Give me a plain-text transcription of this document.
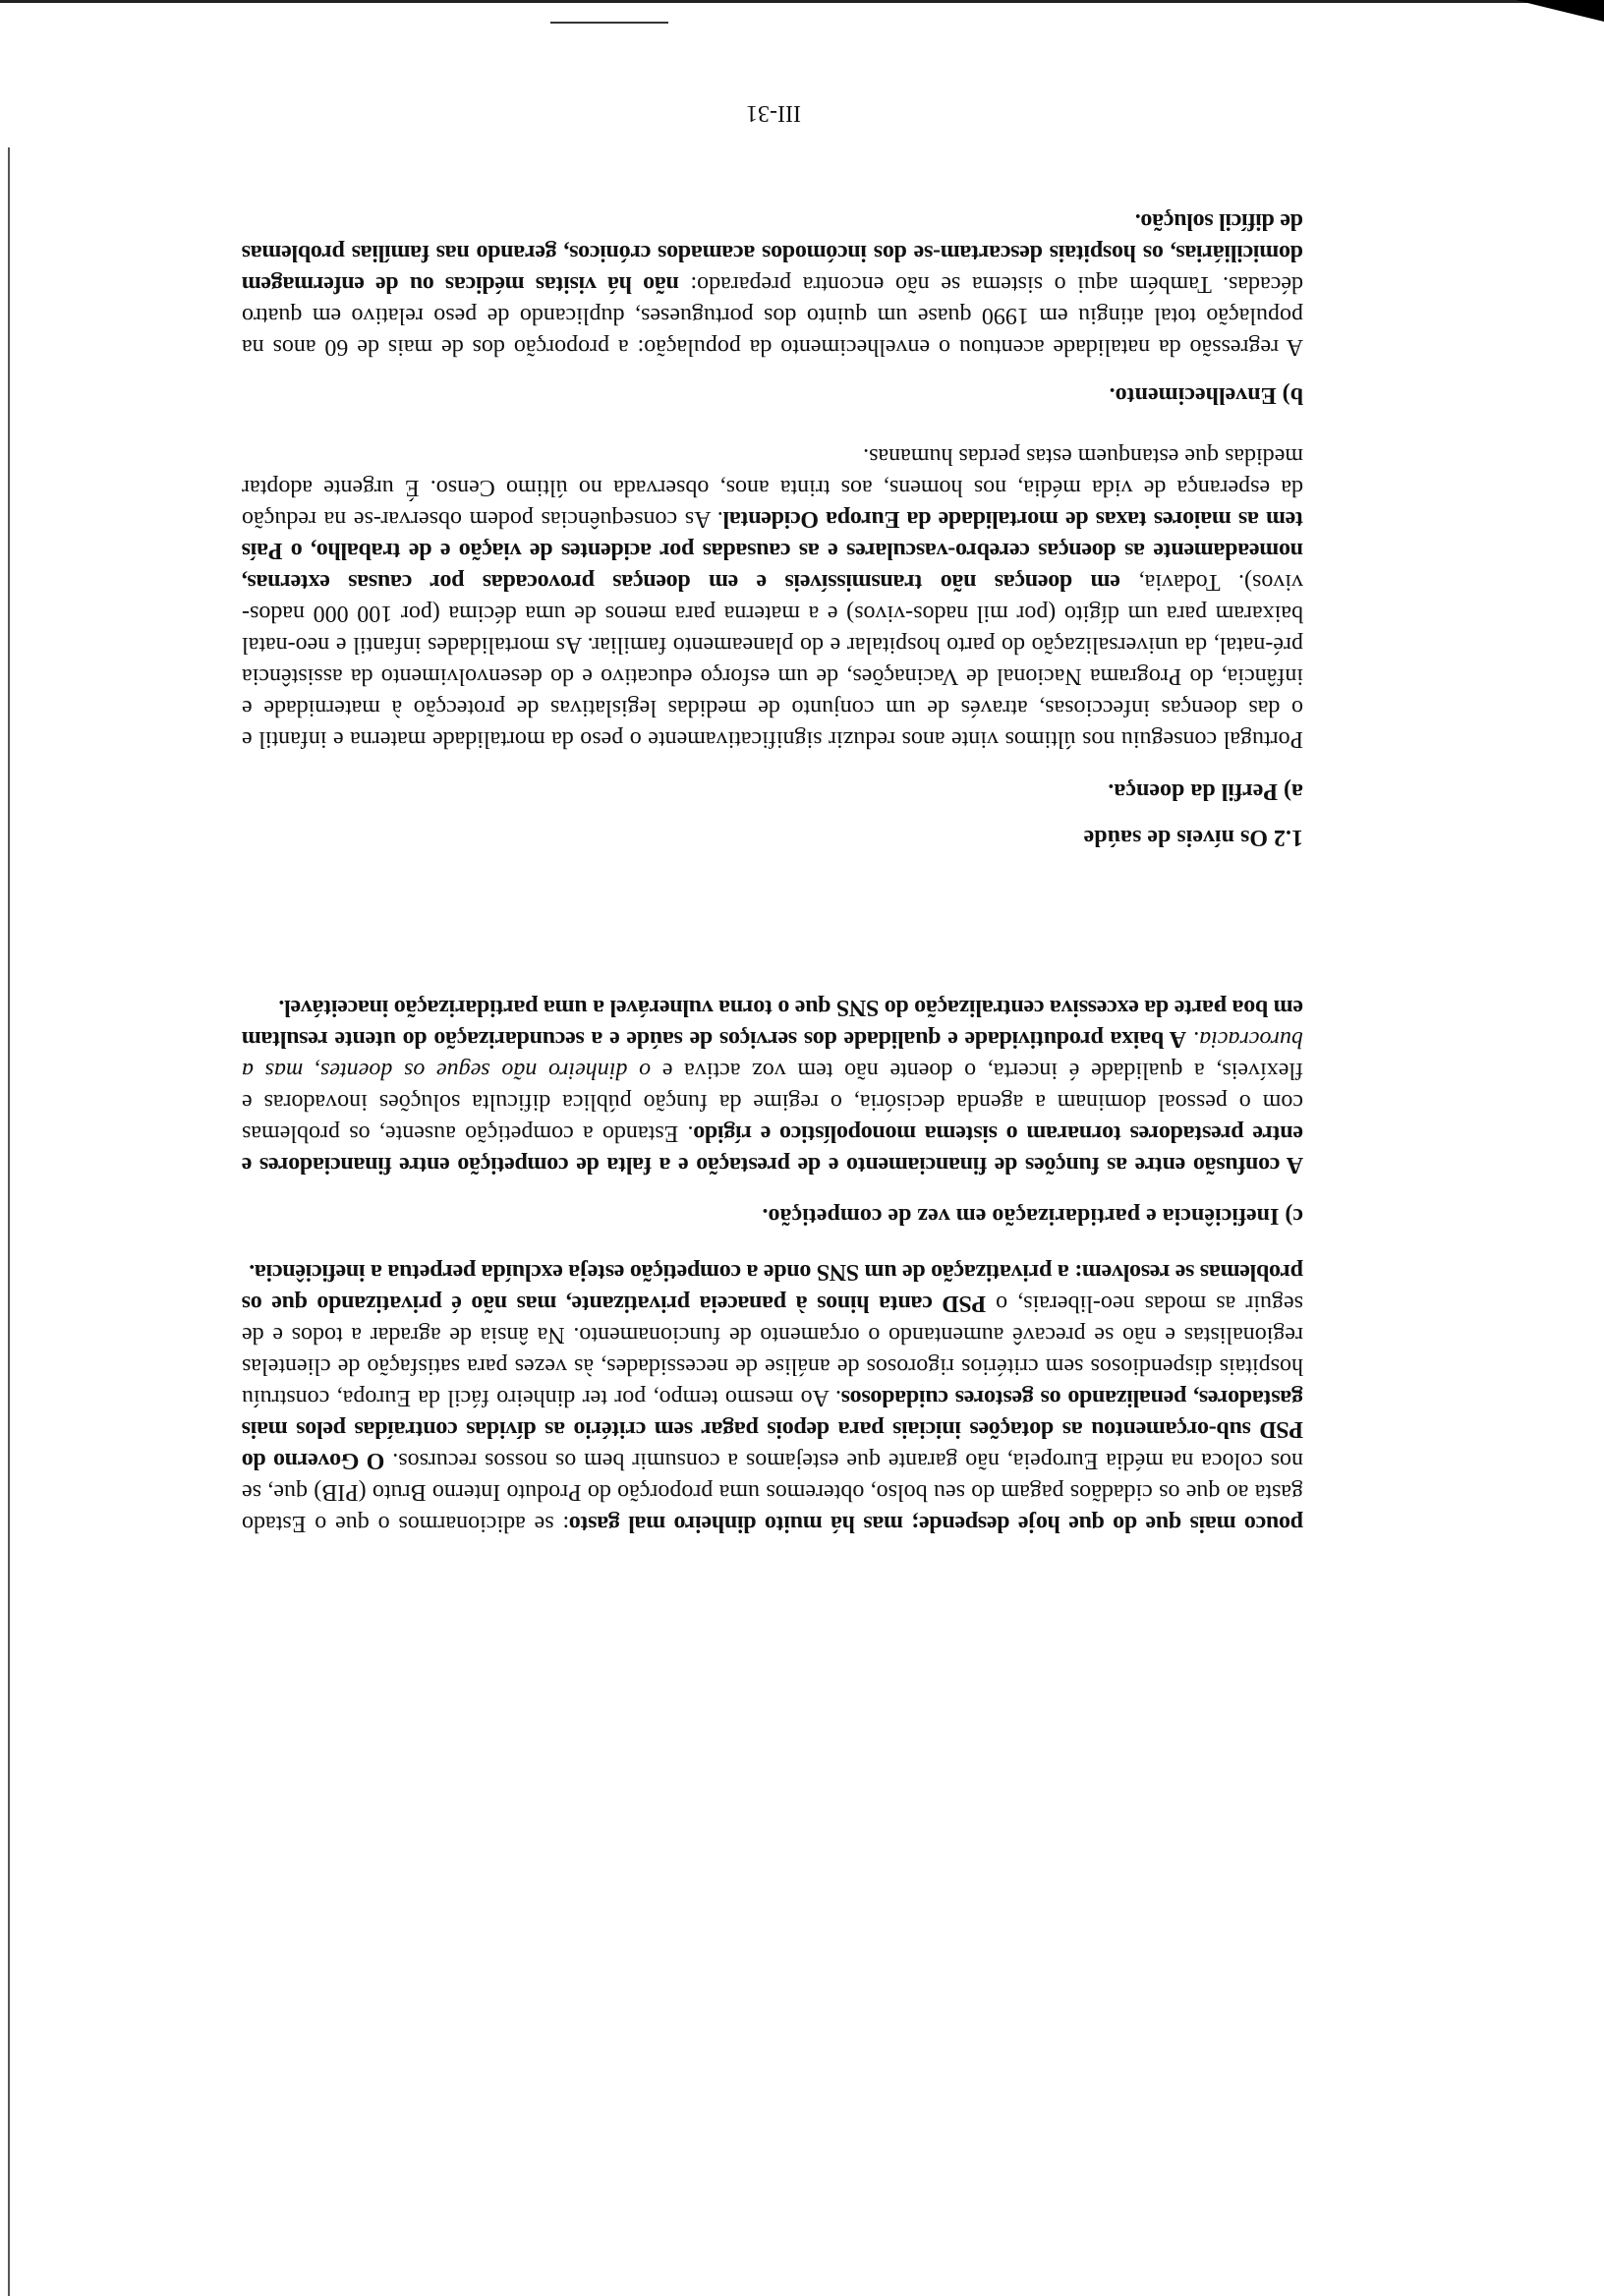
pouco mais que do que hoje despende; mas há muito dinheiro mal gasto: se adicionarmos o que o Estado gasta ao que os cidadãos pagam do seu bolso, obteremos uma proporção do Produto Interno Bruto (PIB) que, se nos coloca na média Europeia, não garante que estejamos a consumir bem os nossos recursos. O Governo do PSD sub-orçamentou as dotações iniciais para depois pagar sem critério as dívidas contraídas pelos mais gastadores, penalizando os gestores cuidadosos. Ao mesmo tempo, por ter dinheiro fácil da Europa, construíu hospitais dispendiosos sem critérios rigorosos de análise de necessidades, às vezes para satisfação de clientelas regionalistas e não se precavê aumentando o orçamento de funcionamento. Na ânsia de agradar a todos e de seguir as modas neo-liberais, o PSD canta hinos à panaceia privatizante, mas não é privatizando que os problemas se resolvem: a privatização de um SNS onde a competição esteja excluída perpetua a ineficiência.

c) Ineficiência e partidarização em vez de competição.

A confusão entre as funções de financiamento e de prestação e a falta de competição entre financiadores e entre prestadores tornaram o sistema monopolístico e rígido. Estando a competição ausente, os problemas com o pessoal dominam a agenda decisória, o regime da função pública dificulta soluções inovadoras e flexíveis, a qualidade é incerta, o doente não tem voz activa e o dinheiro não segue os doentes, mas a burocracia. A baixa produtividade e qualidade dos serviços de saúde e a secundarização do utente resultam em boa parte da excessiva centralização do SNS que o torna vulnerável a uma partidarização inaceitável.

1.2 Os níveis de saúde
a) Perfil da doença.

Portugal conseguiu nos últimos vinte anos reduzir significativamente o peso da mortalidade materna e infantil e o das doenças infecciosas, através de um conjunto de medidas legislativas de protecção à maternidade e infância, do Programa Nacional de Vacinações, de um esforço educativo e do desenvolvimento da assistência pré-natal, da universalização do parto hospitalar e do planeamento familiar. As mortalidades infantil e neo-natal baixaram para um dígito (por mil nados-vivos) e a materna para menos de uma décima (por 100 000 nados-vivos). Todavia, em doenças não transmissíveis e em doenças provocadas por causas externas, nomeadamente as doenças cerebro-vasculares e as causadas por acidentes de viação e de trabalho, o País tem as maiores taxas de mortalidade da Europa Ocidental. As consequências podem observar-se na redução da esperança de vida média, nos homens, aos trinta anos, observada no último Censo. É urgente adoptar medidas que estanquem estas perdas humanas.

b) Envelhecimento.

A regressão da natalidade acentuou o envelhecimento da população: a proporção dos de mais de 60 anos na população total atingiu em 1990 quase um quinto dos portugueses, duplicando de peso relativo em quatro décadas. Também aqui o sistema se não encontra preparado: não há visitas médicas ou de enfermagem domiciliárias, os hospitais descartam-se dos incómodos acamados crónicos, gerando nas famílias problemas de difícil solução.

III-31
